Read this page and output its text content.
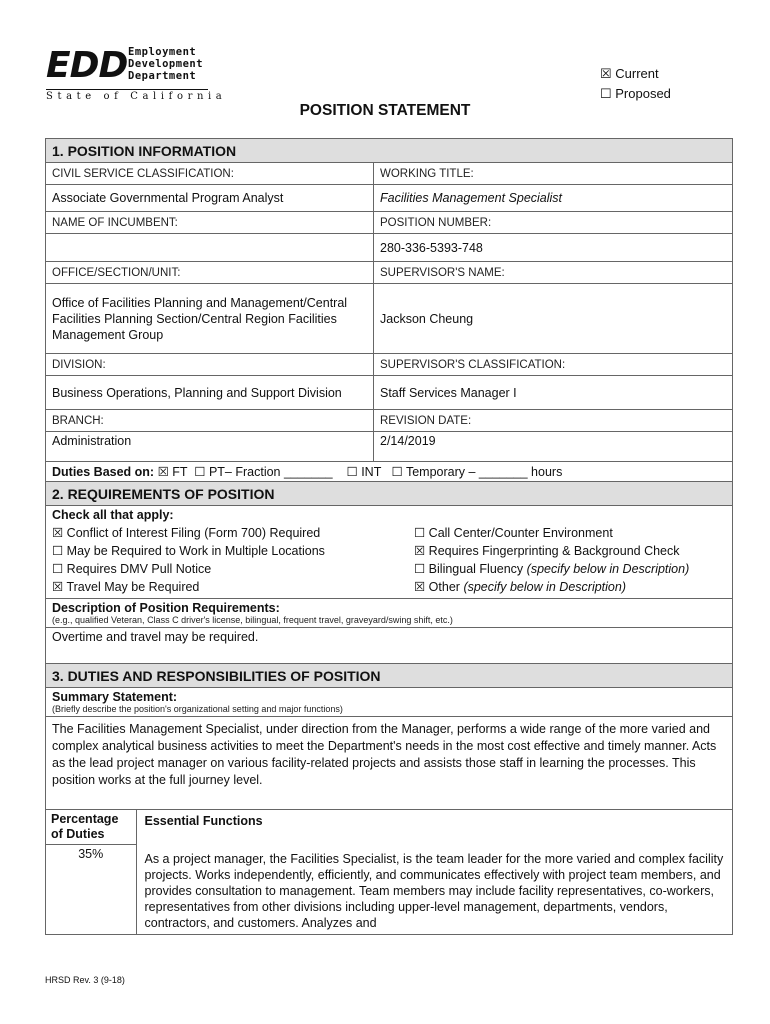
EDD Employment
Development
Department
State of California
☒ Current
☐ Proposed
POSITION STATEMENT
1. POSITION INFORMATION
CIVIL SERVICE CLASSIFICATION:	WORKING TITLE:
Associate Governmental Program Analyst	Facilities Management Specialist
NAME OF INCUMBENT:	POSITION NUMBER:
	280-336-5393-748
OFFICE/SECTION/UNIT:	SUPERVISOR'S NAME:
Office of Facilities Planning and Management/Central Facilities Planning Section/Central Region Facilities Management Group	Jackson Cheung
DIVISION:	SUPERVISOR'S CLASSIFICATION:
Business Operations, Planning and Support Division	Staff Services Manager I
BRANCH:	REVISION DATE:
Administration	2/14/2019
Duties Based on: ☒ FT  ☐ PT– Fraction _______    ☐ INT   ☐ Temporary – _______ hours
2. REQUIREMENTS OF POSITION

Check all that apply:
☒ Conflict of Interest Filing (Form 700) Required	☐ Call Center/Counter Environment
☐ May be Required to Work in Multiple Locations	☒ Requires Fingerprinting & Background Check
☐ Requires DMV Pull Notice	☐ Bilingual Fluency (specify below in Description)
☒ Travel May be Required	☒ Other (specify below in Description)

Description of Position Requirements:
(e.g., qualified Veteran, Class C driver's license, bilingual, frequent travel, graveyard/swing shift, etc.)

Overtime and travel may be required.
3. DUTIES AND RESPONSIBILITIES OF POSITION

Summary Statement:
(Briefly describe the position's organizational setting and major functions)

The Facilities Management Specialist, under direction from the Manager, performs a wide range of the more varied and complex analytical business activities to meet the Department's needs in the most cost effective and timely manner. Acts as the lead project manager on various facility-related projects and assists those staff in learning the processes. This position works at the full journey level.

Percentage of Duties	Essential Functions
35%	As a project manager, the Facilities Specialist, is the team leader for the more varied and complex facility projects. Works independently, efficiently, and communicates effectively with project team members, and provides consultation to management. Team members may include facility representatives, co-workers, representatives from other divisions including upper-level management, departments, vendors, contractors, and customers. Analyzes and
HRSD Rev. 3 (9-18)
